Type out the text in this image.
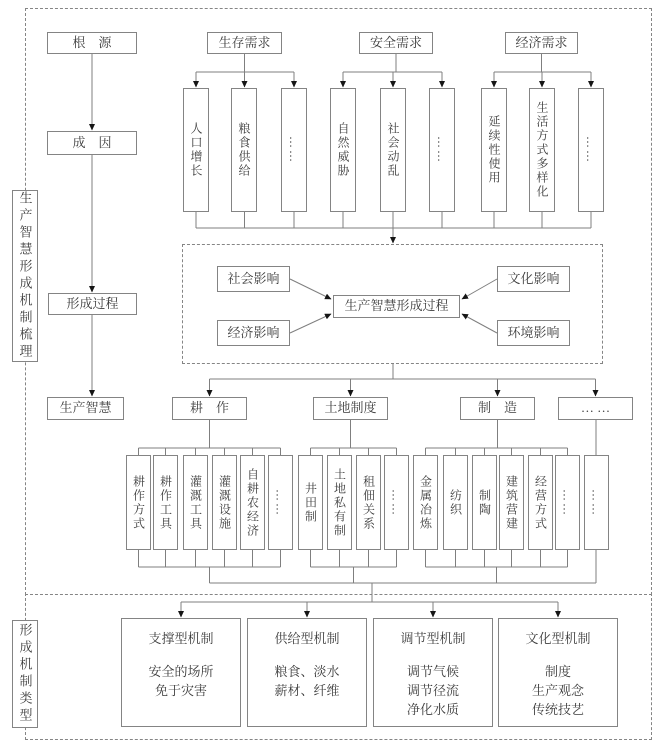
生产智慧形成机制梳理
形成机制类型
根　源
成　因
形成过程
生产智慧
生存需求	安全需求	经济需求
人口增长	粮食供给	……	自然威胁	社会动乱	……	延续性使用	生活方式多样化	……
社会影响
经济影响
文化影响
环境影响
生产智慧形成过程
耕　作	土地制度	制　造	… …
耕作方式	耕作工具	灌溉工具	灌溉设施	自耕农经济	……	井田制	土地私有制	租佃关系	……	金属冶炼	纺织	制陶	建筑营建	经营方式	……	……
支撑型机制
安全的场所
免于灾害
供给型机制
粮食、淡水
薪材、纤维
调节型机制
调节气候
调节径流
净化水质
文化型机制
制度
生产观念
传统技艺
